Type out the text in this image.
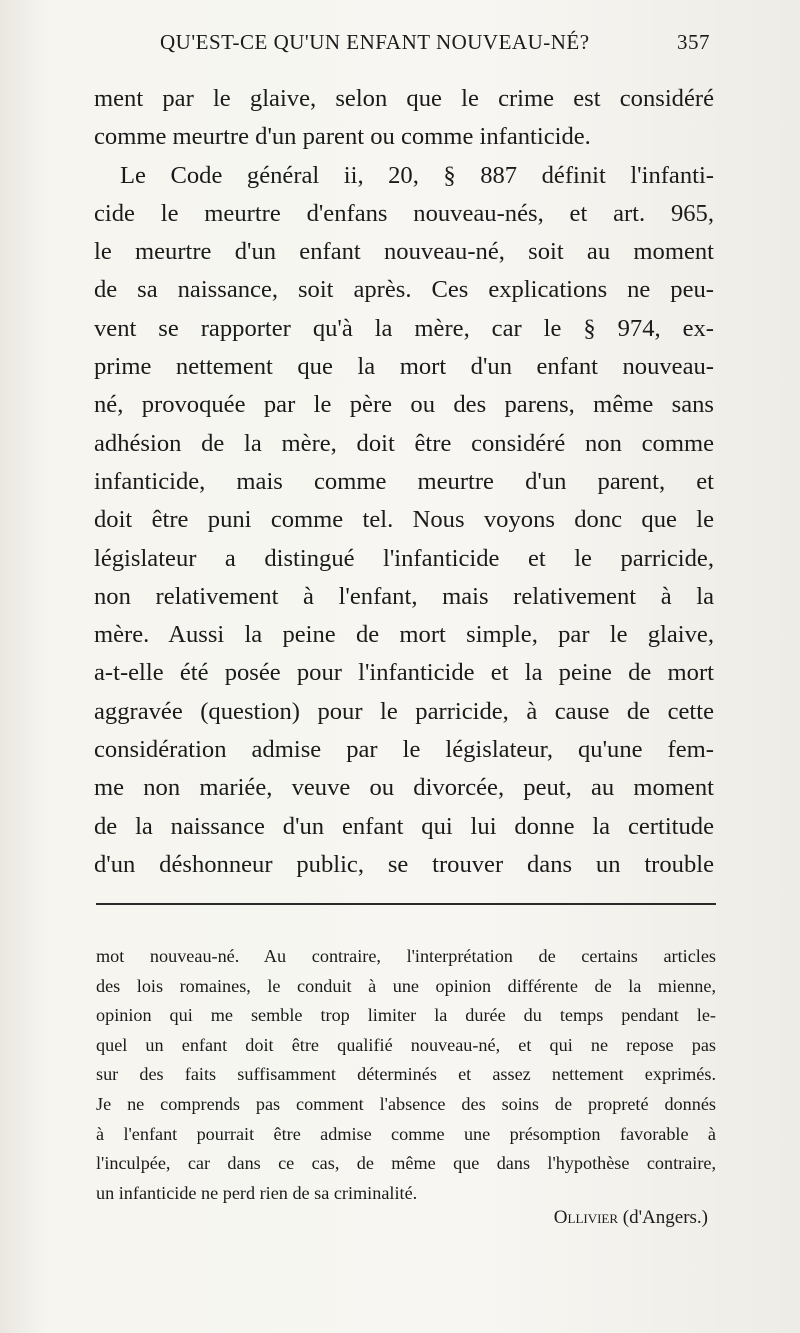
QU'EST-CE QU'UN ENFANT NOUVEAU-NÉ?	357
ment par le glaive, selon que le crime est considéré
comme meurtre d'un parent ou comme infanticide.
Le Code général ii, 20, § 887 définit l'infanti-
cide le meurtre d'enfans nouveau-nés, et art. 965,
le meurtre d'un enfant nouveau-né, soit au moment
de sa naissance, soit après. Ces explications ne peu-
vent se rapporter qu'à la mère, car le § 974, ex-
prime nettement que la mort d'un enfant nouveau-
né, provoquée par le père ou des parens, même sans
adhésion de la mère, doit être considéré non comme
infanticide, mais comme meurtre d'un parent, et
doit être puni comme tel. Nous voyons donc que le
législateur a distingué l'infanticide et le parricide,
non relativement à l'enfant, mais relativement à la
mère. Aussi la peine de mort simple, par le glaive,
a-t-elle été posée pour l'infanticide et la peine de mort
aggravée (question) pour le parricide, à cause de cette
considération admise par le législateur, qu'une fem-
me non mariée, veuve ou divorcée, peut, au moment
de la naissance d'un enfant qui lui donne la certitude
d'un déshonneur public, se trouver dans un trouble
mot nouveau-né. Au contraire, l'interprétation de certains articles
des lois romaines, le conduit à une opinion différente de la mienne,
opinion qui me semble trop limiter la durée du temps pendant le-
quel un enfant doit être qualifié nouveau-né, et qui ne repose pas
sur des faits suffisamment déterminés et assez nettement exprimés.
Je ne comprends pas comment l'absence des soins de propreté donnés
à l'enfant pourrait être admise comme une présomption favorable à
l'inculpée, car dans ce cas, de même que dans l'hypothèse contraire,
un infanticide ne perd rien de sa criminalité.
Ollivier (d'Angers.)
